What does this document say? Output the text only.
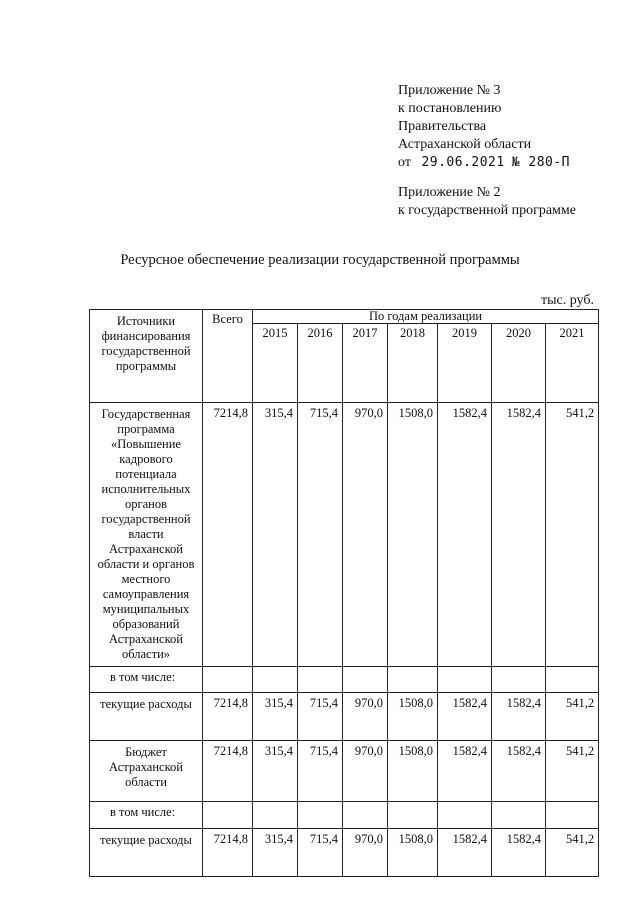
Приложение № 3
к постановлению
Правительства
Астраханской области
от 29.06.2021 № 280-П
Приложение № 2
к государственной программе
Ресурсное обеспечение реализации государственной программы
тыс. руб.
Источники финансирования государственной программы	Всего	По годам реализации						
		2015	2016	2017	2018	2019	2020	2021
Государственная программа «Повышение кадрового потенциала исполнительных органов государственной власти Астраханской области и органов местного самоуправления муниципальных образований Астраханской области»	7214,8	315,4	715,4	970,0	1508,0	1582,4	1582,4	541,2
в том числе:								
текущие расходы	7214,8	315,4	715,4	970,0	1508,0	1582,4	1582,4	541,2
Бюджет Астраханской области	7214,8	315,4	715,4	970,0	1508,0	1582,4	1582,4	541,2
в том числе:								
текущие расходы	7214,8	315,4	715,4	970,0	1508,0	1582,4	1582,4	541,2
